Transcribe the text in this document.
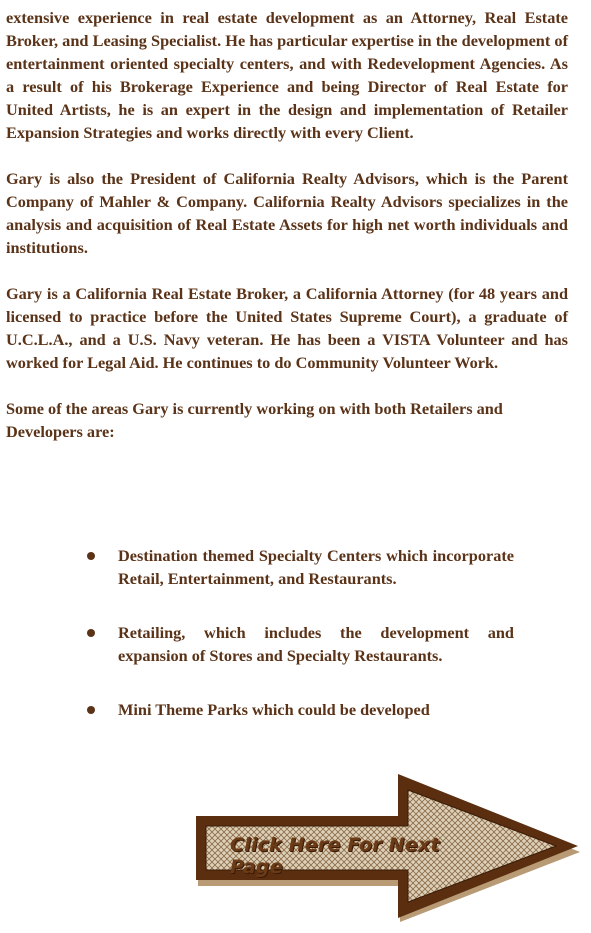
extensive experience in real estate development as an Attorney, Real Estate Broker, and Leasing Specialist. He has particular expertise in the development of entertainment oriented specialty centers, and with Redevelopment Agencies. As a result of his Brokerage Experience and being Director of Real Estate for United Artists, he is an expert in the design and implementation of Retailer Expansion Strategies and works directly with every Client.

Gary is also the President of California Realty Advisors, which is the Parent Company of Mahler & Company. California Realty Advisors specializes in the analysis and acquisition of Real Estate Assets for high net worth individuals and institutions.

Gary is a California Real Estate Broker, a California Attorney (for 48 years and licensed to practice before the United States Supreme Court), a graduate of U.C.L.A., and a U.S. Navy veteran. He has been a VISTA Volunteer and has worked for Legal Aid. He continues to do Community Volunteer Work.

Some of the areas Gary is currently working on with both Retailers and Developers are:

Destination themed Specialty Centers which incorporate Retail, Entertainment, and Restaurants.
Retailing, which includes the development and expansion of Stores and Specialty Restaurants.
Mini Theme Parks which could be developed
Click Here For Next Page
